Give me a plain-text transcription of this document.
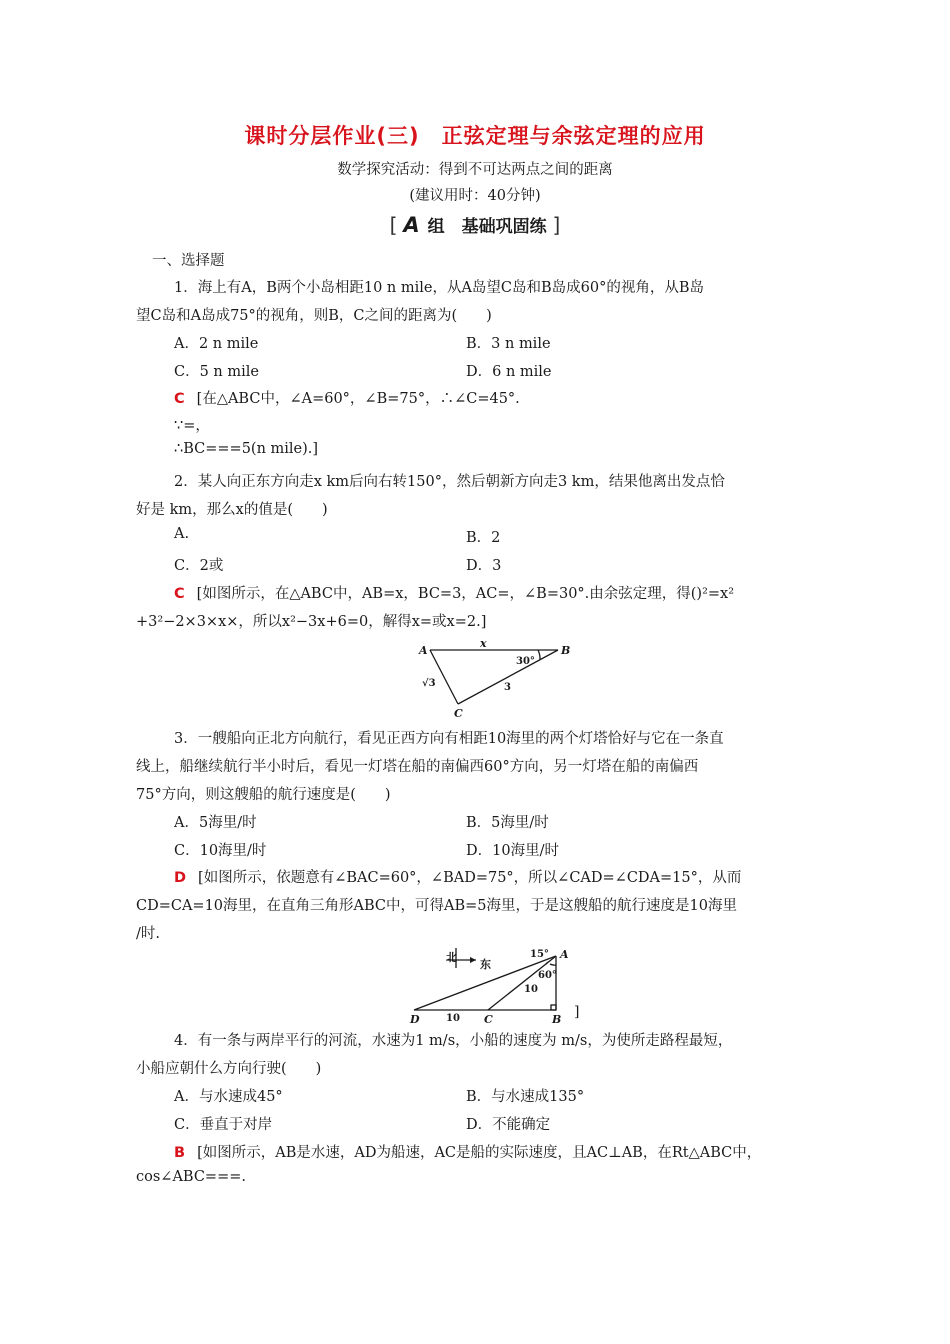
课时分层作业(三)　正弦定理与余弦定理的应用
数学探究活动：得到不可达两点之间的距离
(建议用时：40分钟)
[ A 组　基础巩固练 ]
一、选择题
1．海上有A，B两个小岛相距10 n mile，从A岛望C岛和B岛成60°的视角，从B岛
望C岛和A岛成75°的视角，则B，C之间的距离为(　　)
A．2 n mile	B．3 n mile
C．5 n mile	D．6 n mile
C [在△ABC中，∠A=60°，∠B=75°，∴∠C=45°.
∵=，
∴BC===5(n mile).]
2．某人向正东方向走x km后向右转150°，然后朝新方向走3 km，结果他离出发点恰
好是 km，那么x的值是(　　)
A.	B．2
C．2或	D．3
C [如图所示，在△ABC中，AB=x，BC=3，AC=，∠B=30°.由余弦定理，得()²=x²
+3²−2×3×x×，所以x²−3x+6=0，解得x=或x=2.]
A	B
C
x
30°
3
√3
3．一艘船向正北方向航行，看见正西方向有相距10海里的两个灯塔恰好与它在一条直
线上，船继续航行半小时后，看见一灯塔在船的南偏西60°方向，另一灯塔在船的南偏西
75°方向，则这艘船的航行速度是(　　)
A．5海里/时	B．5海里/时
C．10海里/时	D．10海里/时
D [如图所示，依题意有∠BAC=60°，∠BAD=75°，所以∠CAD=∠CDA=15°，从而
CD=CA=10海里，在直角三角形ABC中，可得AB=5海里，于是这艘船的航行速度是10海里
/时.
北
东
15°
60°
10
10
A
B
C
D	]
4．有一条与两岸平行的河流，水速为1 m/s，小船的速度为 m/s，为使所走路程最短，
小船应朝什么方向行驶(　　)
A．与水速成45°	B．与水速成135°
C．垂直于对岸	D．不能确定
B [如图所示，AB是水速，AD为船速，AC是船的实际速度，且AC⊥AB，在Rt△ABC中，
cos∠ABC===.
